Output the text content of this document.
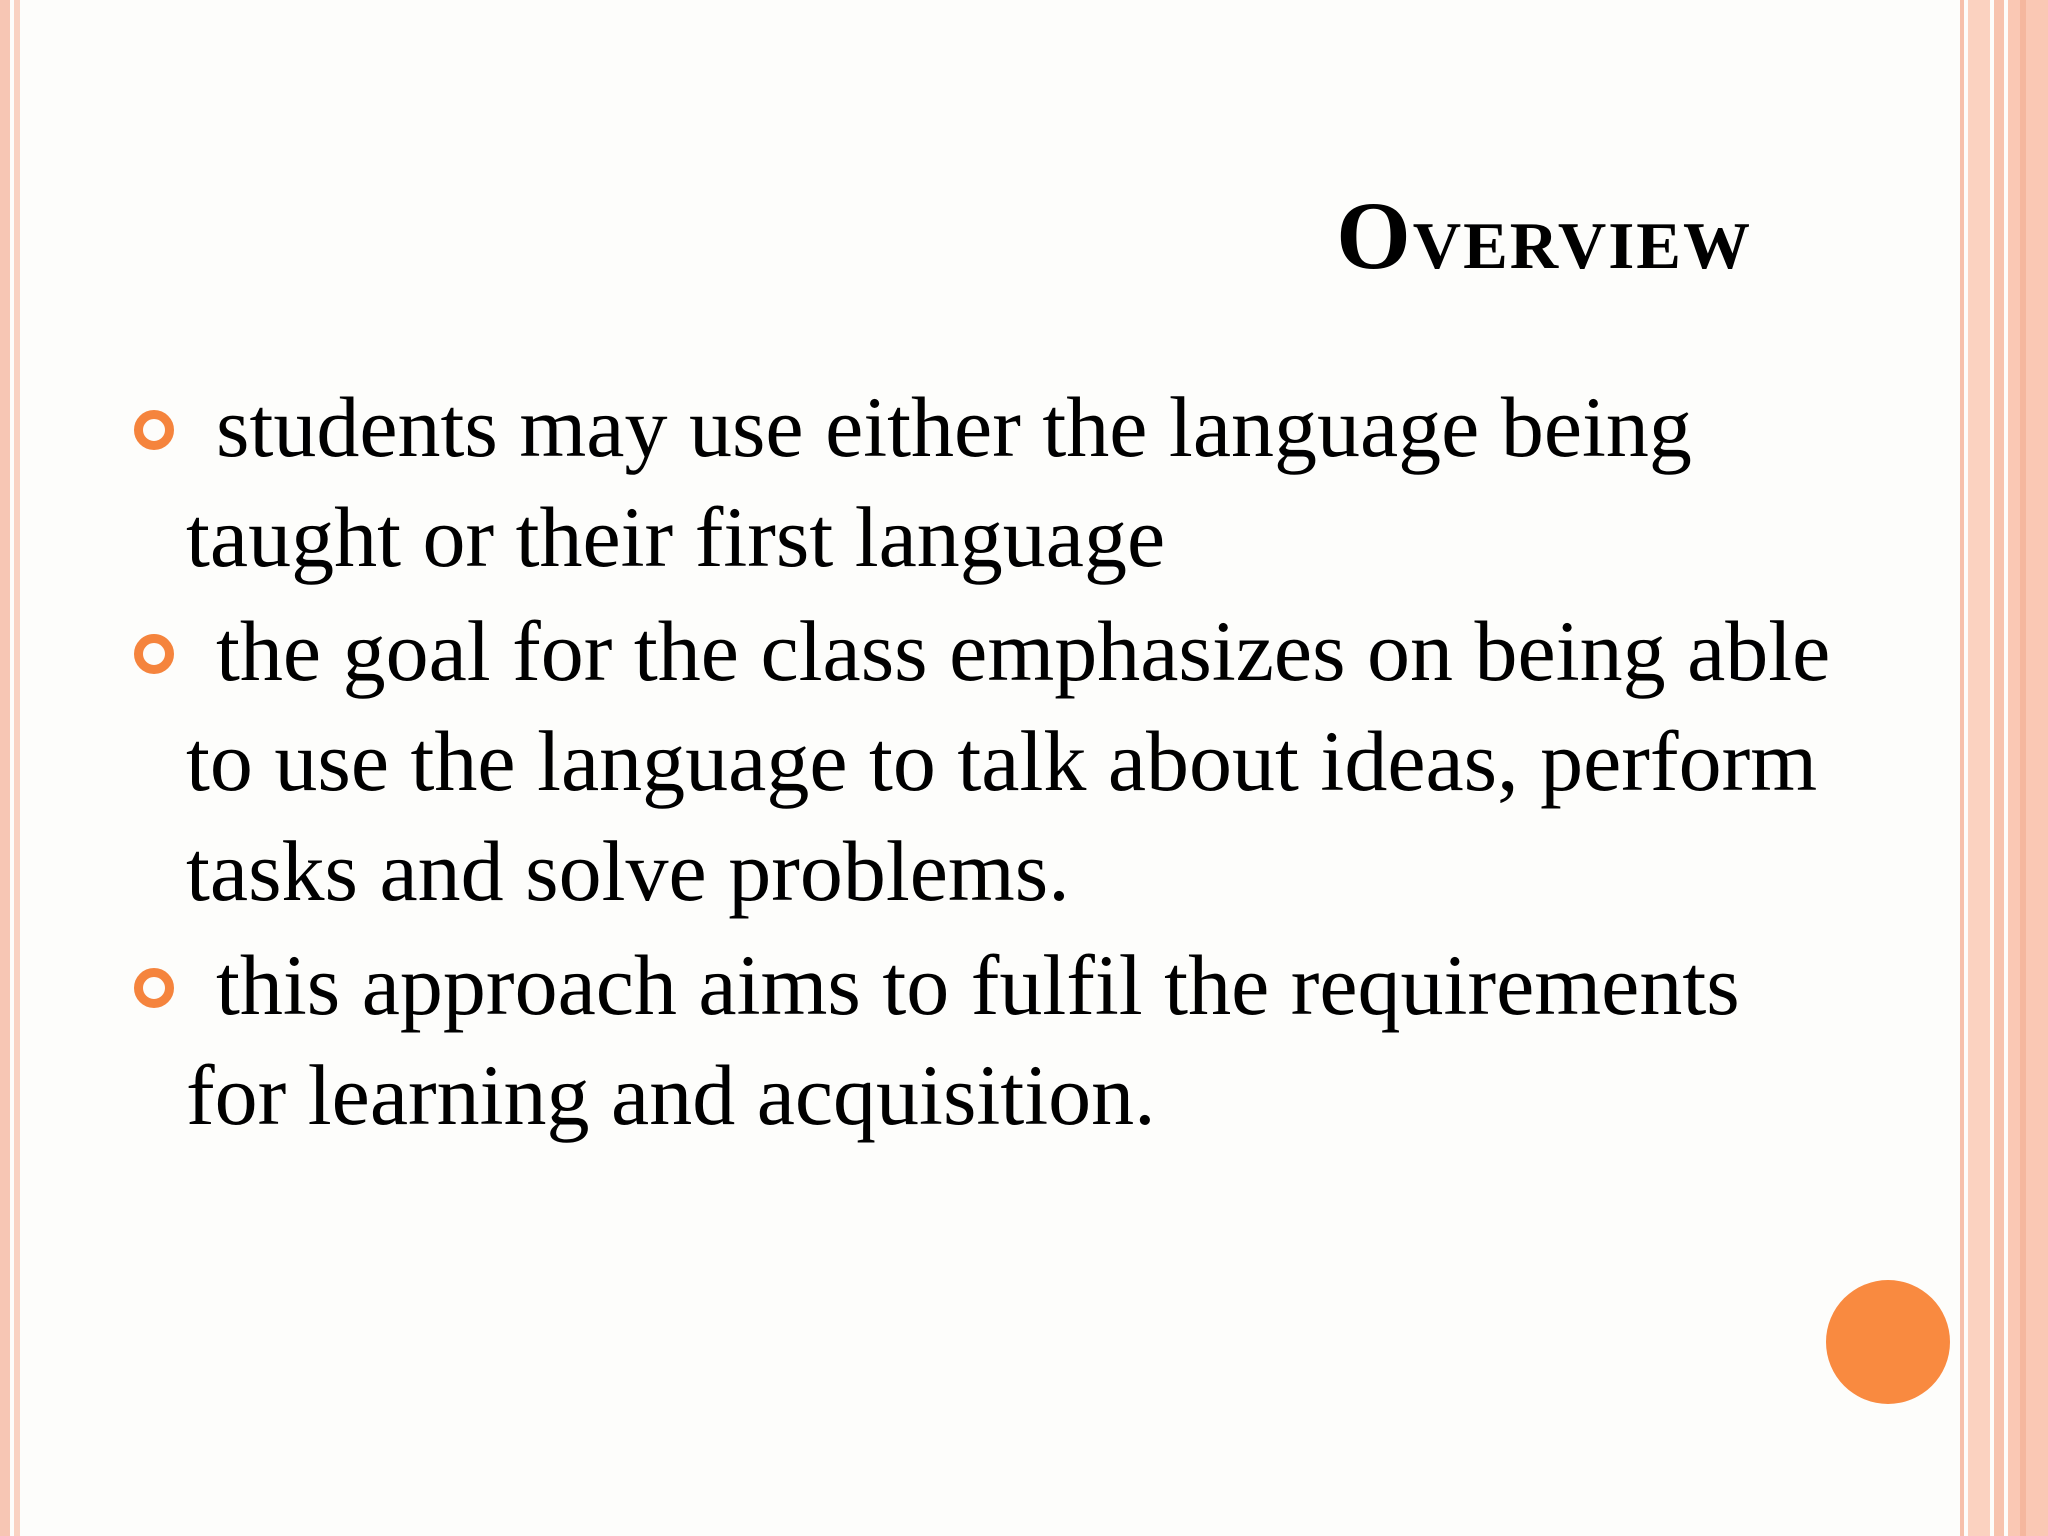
Overview
students may use either the language being taught or their first language
the goal for the class emphasizes on being able to use the language to talk about ideas, perform tasks and solve problems.
this approach aims to fulfil the requirements for learning and acquisition.
